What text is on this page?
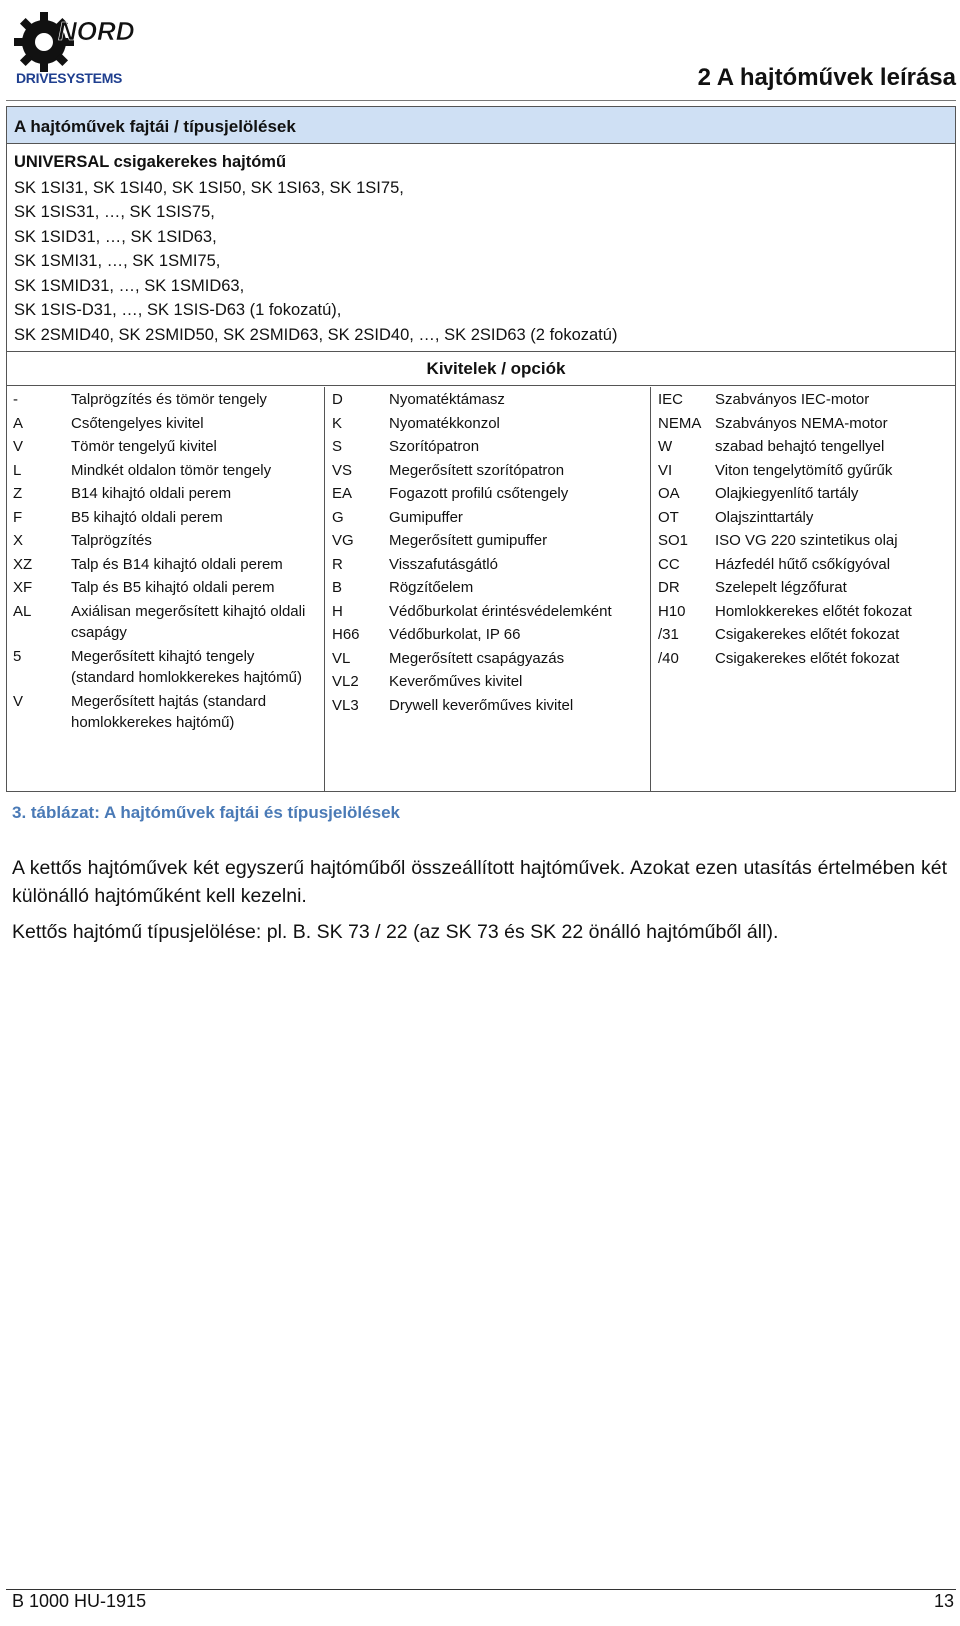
NORD
DRIVESYSTEMS	2 A hajtóművek leírása
A hajtóművek fajtái / típusjelölések
UNIVERSAL csigakerekes hajtómű
SK 1SI31, SK 1SI40, SK 1SI50, SK 1SI63, SK 1SI75,
SK 1SIS31, …, SK 1SIS75,
SK 1SID31, …, SK 1SID63,
SK 1SMI31, …, SK 1SMI75,
SK 1SMID31, …, SK 1SMID63,
SK 1SIS-D31, …, SK 1SIS-D63 (1 fokozatú),
SK 2SMID40, SK 2SMID50, SK 2SMID63, SK 2SID40, …, SK 2SID63 (2 fokozatú)
Kivitelek / opciók
-	Talprögzítés és tömör tengely
A	Csőtengelyes kivitel
V	Tömör tengelyű kivitel
L	Mindkét oldalon tömör tengely
Z	B14 kihajtó oldali perem
F	B5 kihajtó oldali perem
X	Talprögzítés
XZ	Talp és B14 kihajtó oldali perem
XF	Talp és B5 kihajtó oldali perem
AL	Axiálisan megerősített kihajtó oldali csapágy
5	Megerősített kihajtó tengely (standard homlokkerekes hajtómű)
V	Megerősített hajtás (standard homlokkerekes hajtómű)
D	Nyomatéktámasz
K	Nyomatékkonzol
S	Szorítópatron
VS	Megerősített szorítópatron
EA	Fogazott profilú csőtengely
G	Gumipuffer
VG	Megerősített gumipuffer
R	Visszafutásgátló
B	Rögzítőelem
H	Védőburkolat érintésvédelemként
H66	Védőburkolat, IP 66
VL	Megerősített csapágyazás
VL2	Keverőműves kivitel
VL3	Drywell keverőműves kivitel
IEC	Szabványos IEC-motor
NEMA Szabványos NEMA-motor
W	szabad behajtó tengellyel
VI	Viton tengelytömítő gyűrűk
OA	Olajkiegyenlítő tartály
OT	Olajszinttartály
SO1	ISO VG 220 szintetikus olaj
CC	Házfedél hűtő csőkígyóval
DR	Szelepelt légzőfurat
H10	Homlokkerekes előtét fokozat
/31	Csigakerekes előtét fokozat
/40	Csigakerekes előtét fokozat
3. táblázat: A hajtóművek fajtái és típusjelölések
A kettős hajtóművek két egyszerű hajtóműből összeállított hajtóművek. Azokat ezen utasítás értelmében két különálló hajtóműként kell kezelni.
Kettős hajtómű típusjelölése: pl. B. SK 73 / 22 (az SK 73 és SK 22 önálló hajtóműből áll).
B 1000 HU-1915	13
